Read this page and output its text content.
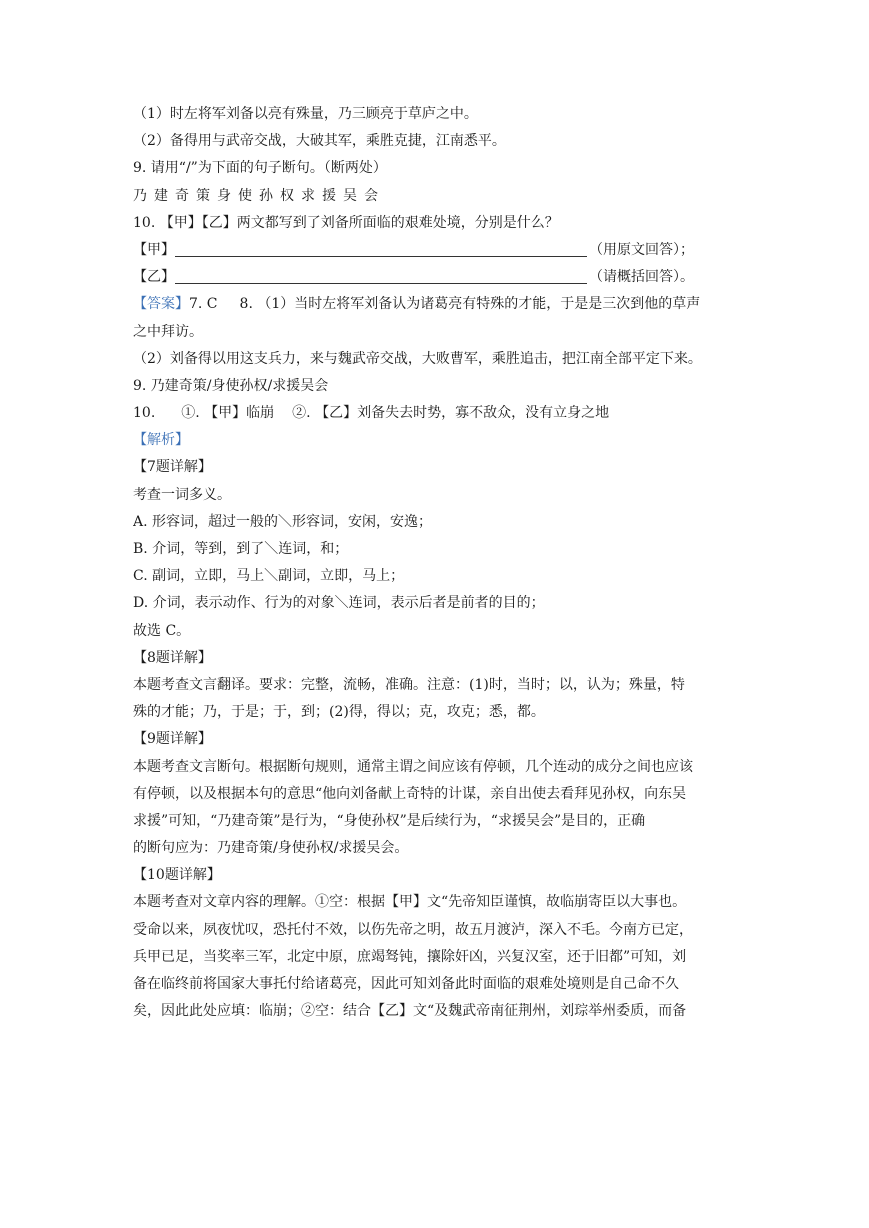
（1）时左将军刘备以亮有殊量，乃三顾亮于草庐之中。
（2）备得用与武帝交战，大破其军，乘胜克捷，江南悉平。
9. 请用“/”为下面的句子断句。（断两处）
乃建奇策身使孙权求援吴会
10. 【甲】【乙】两文都写到了刘备所面临的艰难处境，分别是什么？
【甲】	（用原文回答）；
【乙】	（请概括回答）。
【答案】7. C 8. （1）当时左将军刘备认为诸葛亮有特殊的才能，于是是三次到他的草声
之中拜访。
（2）刘备得以用这支兵力，来与魏武帝交战，大败曹军，乘胜追击，把江南全部平定下来。
9. 乃建奇策/身使孙权/求援吴会
10. ①. 【甲】临崩 ②. 【乙】刘备失去时势，寡不敌众，没有立身之地
【解析】
【7题详解】
考查一词多义。
A. 形容词，超过一般的＼形容词，安闲，安逸；
B. 介词，等到，到了＼连词，和；
C. 副词，立即，马上＼副词，立即，马上；
D. 介词，表示动作、行为的对象＼连词，表示后者是前者的目的；
故选 C。
【8题详解】
本题考查文言翻译。要求：完整，流畅，准确。注意：(1)时，当时；以，认为；殊量，特
殊的才能；乃，于是；于，到；(2)得，得以；克，攻克；悉，都。
【9题详解】
本题考查文言断句。根据断句规则，通常主谓之间应该有停顿，几个连动的成分之间也应该
有停顿，以及根据本句的意思“他向刘备献上奇特的计谋，亲自出使去看拜见孙权，向东吴
求援”可知，“乃建奇策”是行为，“身使孙权”是后续行为，“求援吴会”是目的，正确
的断句应为：乃建奇策/身使孙权/求援吴会。
【10题详解】
本题考查对文章内容的理解。①空：根据【甲】文“先帝知臣谨慎，故临崩寄臣以大事也。
受命以来，夙夜忧叹，恐托付不效，以伤先帝之明，故五月渡泸，深入不毛。今南方已定，
兵甲已足，当奖率三军，北定中原，庶竭驽钝，攘除奸凶，兴复汉室，还于旧都”可知，刘
备在临终前将国家大事托付给诸葛亮，因此可知刘备此时面临的艰难处境则是自己命不久
矣，因此此处应填：临崩；②空：结合【乙】文“及魏武帝南征荆州，刘琮举州委质，而备
